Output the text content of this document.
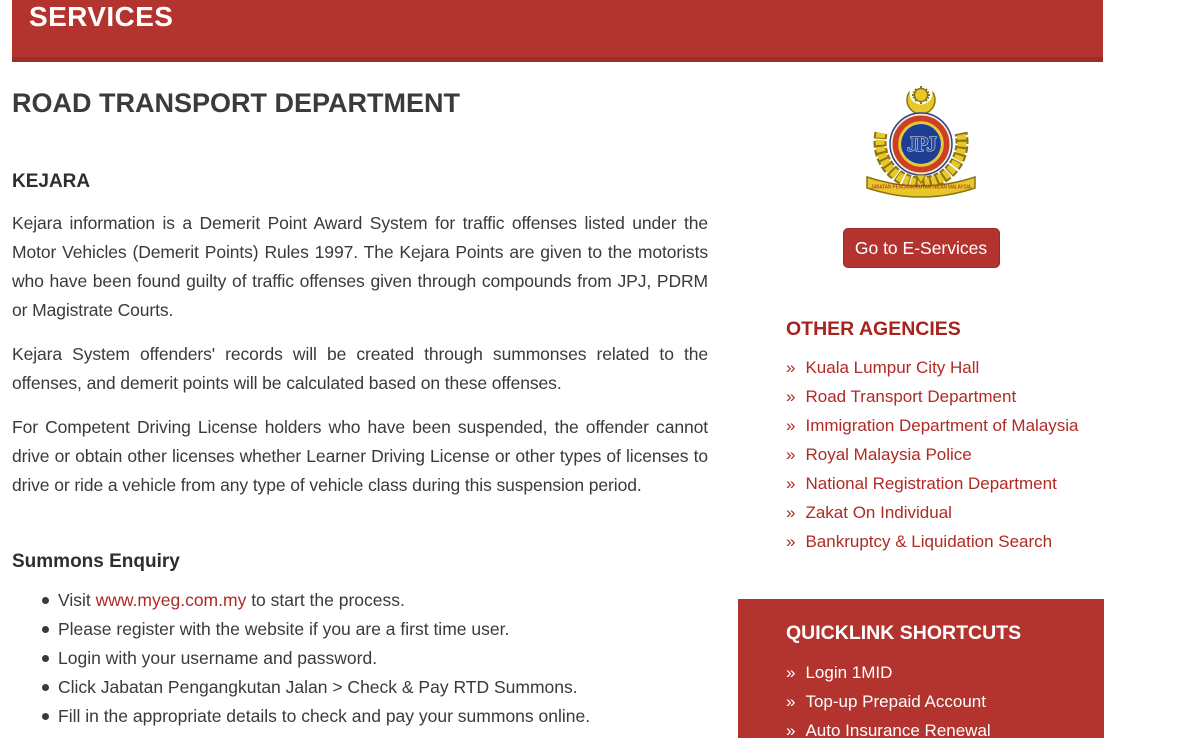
SERVICES
ROAD TRANSPORT DEPARTMENT
KEJARA

Kejara information is a Demerit Point Award System for traffic offenses listed under the Motor Vehicles (Demerit Points) Rules 1997. The Kejara Points are given to the motorists who have been found guilty of traffic offenses given through compounds from JPJ, PDRM or Magistrate Courts.

Kejara System offenders' records will be created through summonses related to the offenses, and demerit points will be calculated based on these offenses.

For Competent Driving License holders who have been suspended, the offender cannot drive or obtain other licenses whether Learner Driving License or other types of licenses to drive or ride a vehicle from any type of vehicle class during this suspension period.

Summons Enquiry
Visit www.myeg.com.my to start the process.
Please register with the website if you are a first time user.
Login with your username and password.
Click Jabatan Pengangkutan Jalan > Check & Pay RTD Summons.
Fill in the appropriate details to check and pay your summons online.
JPJ
JABATAN PENGANGKUTAN JALAN MALAYSIA
Go to E-Services
OTHER AGENCIES
» Kuala Lumpur City Hall
» Road Transport Department
» Immigration Department of Malaysia
» Royal Malaysia Police
» National Registration Department
» Zakat On Individual
» Bankruptcy & Liquidation Search
QUICKLINK SHORTCUTS
» Login 1MID
» Top-up Prepaid Account
» Auto Insurance Renewal
